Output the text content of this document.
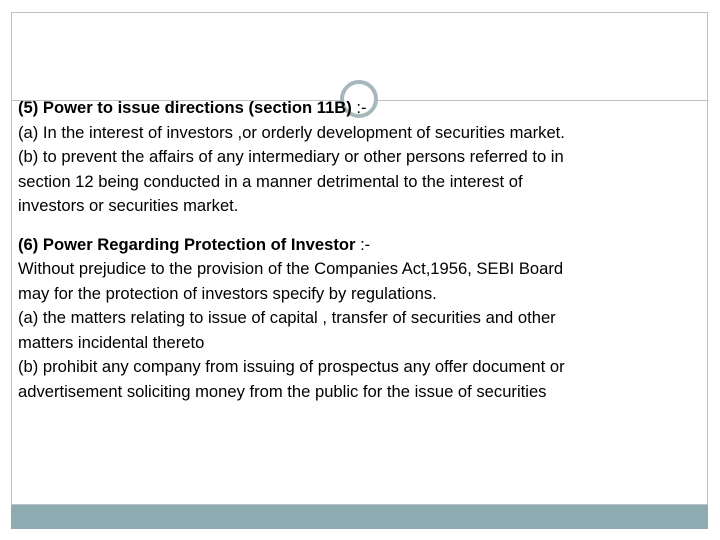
(5) Power to issue directions (section 11B) :-

(a) In the interest of investors ,or orderly development of securities market.

(b) to prevent the affairs of any intermediary or other persons referred to in

section 12 being conducted in a manner detrimental to the interest of

investors or securities market.

(6) Power Regarding Protection of Investor :-

Without prejudice to the provision of the Companies Act,1956, SEBI Board

may for the protection of investors specify by regulations.

(a) the matters relating to issue of capital , transfer of securities and other

matters incidental thereto

(b) prohibit any company from issuing of prospectus any offer document or

advertisement soliciting money from the public for the issue of securities
